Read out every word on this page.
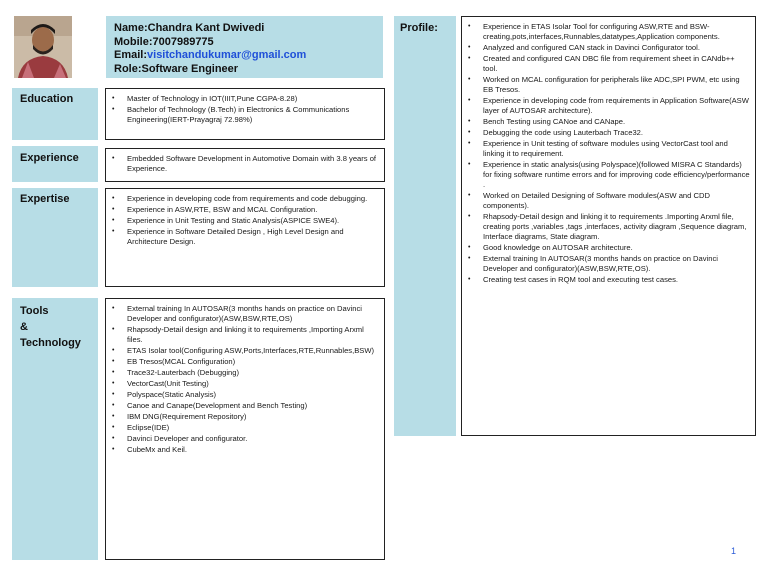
Name:Chandra Kant Dwivedi
Mobile:7007989775
Email:visitchandukumar@gmail.com
Role:Software Engineer
Education	• Master of Technology in IOT(IIIT,Pune CGPA-8.28)
• Bachelor of Technology (B.Tech) in Electronics & Communications Engineering(IERT-Prayagraj 72.98%)
Experience	• Embedded Software Development in Automotive Domain with 3.8 years of Experience.
Expertise	• Experience in developing code from requirements and code debugging.
• Experience in ASW,RTE, BSW and MCAL Configuration.
• Experience in Unit Testing and Static Analysis(ASPICE SWE4).
• Experience in Software Detailed Design , High Level Design and Architecture Design.
Tools
&
Technology
• External training In AUTOSAR(3 months hands on practice on Davinci Developer and configurator)(ASW,BSW,RTE,OS)
• Rhapsody-Detail design and linking it to requirements ,Importing Arxml files.
• ETAS Isolar tool(Configuring ASW,Ports,Interfaces,RTE,Runnables,BSW)
• EB Tresos(MCAL Configuration)
• Trace32-Lauterbach (Debugging)
• VectorCast(Unit Testing)
• Polyspace(Static Analysis)
• Canoe and Canape(Development and Bench Testing)
• IBM DNG(Requirement Repository)
• Eclipse(IDE)
• Davinci Developer and configurator.
• CubeMx and Keil.
Profile:	• Experience in ETAS Isolar Tool for configuring ASW,RTE and BSW-creating,pots,interfaces,Runnables,datatypes,Application components.
• Analyzed and configured CAN stack in Davinci Configurator tool.
• Created and configured CAN DBC file from requirement sheet in CANdb++ tool.
• Worked on MCAL configuration for peripherals like ADC,SPI PWM, etc using EB Tresos.
• Experience in developing code from requirements in Application Software(ASW layer of AUTOSAR architecture).
• Bench Testing using CANoe and CANape.
• Debugging the code using Lauterbach Trace32.
• Experience in Unit testing of software modules using VectorCast tool and linking it to requirement.
• Experience in static analysis(using Polyspace)(followed MISRA C Standards) for fixing software runtime errors and for improving code efficiency/performance .
• Worked on Detailed Designing of Software modules(ASW and CDD components).
• Rhapsody-Detail design and linking it to requirements .Importing Arxml file, creating ports ,variables ,tags ,interfaces, activity diagram ,Sequence diagram, Interface diagrams, State diagram.
• Good knowledge on AUTOSAR architecture.
• External training In AUTOSAR(3 months hands on practice on Davinci Developer and configurator)(ASW,BSW,RTE,OS).
• Creating test cases in RQM tool and executing test cases.
1
